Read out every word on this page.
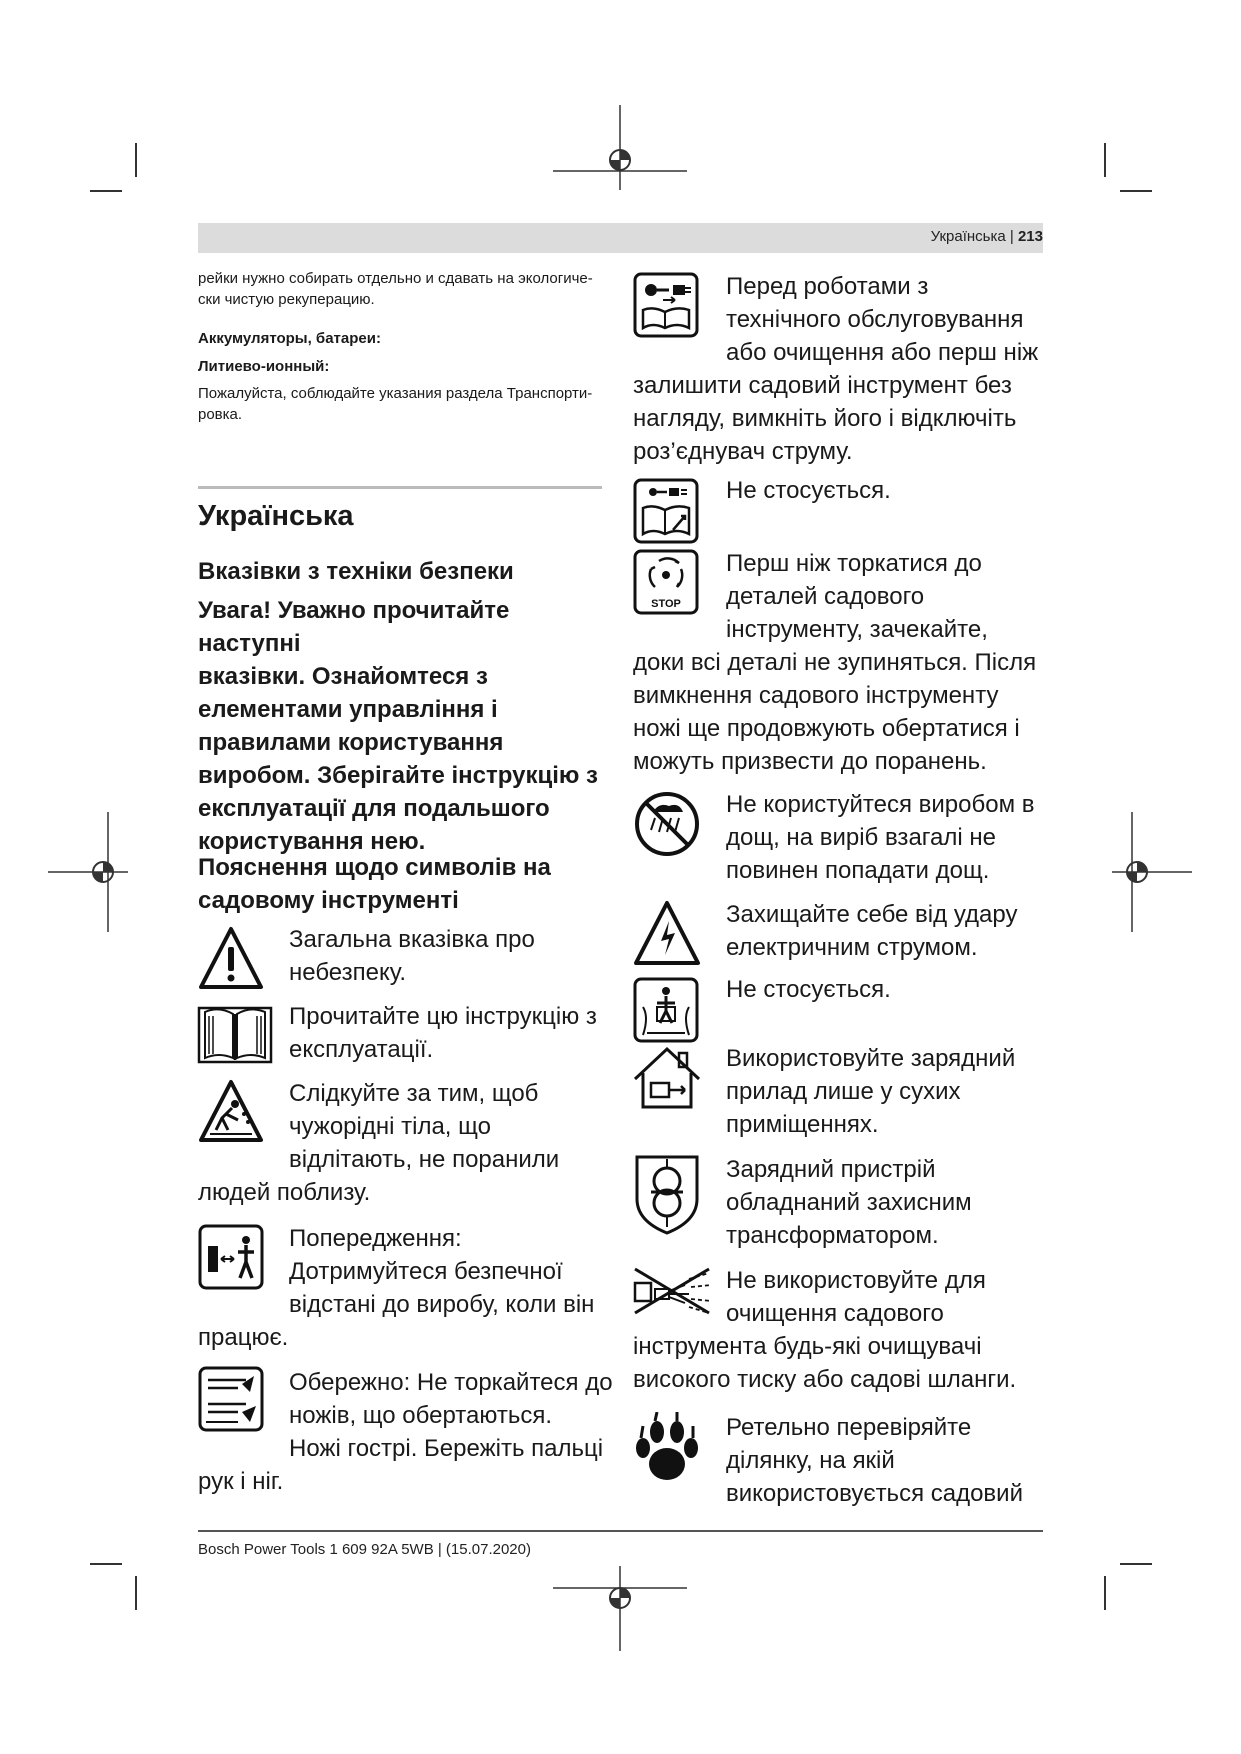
Українська | 213
рейки нужно собирать отдельно и сдавать на экологиче-
ски чистую рекуперацию.
Аккумуляторы, батареи:
Литиево-ионный:
Пожалуйста, соблюдайте указания раздела Транспорти-
ровка.
Українська
Вказівки з техніки безпеки
Увага! Уважно прочитайте наступні
вказівки. Ознайомтеся з
елементами управління і
правилами користування
виробом. Зберігайте інструкцію з
експлуатації для подальшого
користування нею.
Пояснення щодо символів на
садовому інструменті
Загальна вказівка про
небезпеку.
Прочитайте цю інструкцію з
експлуатації.
Слідкуйте за тим, щоб
чужорідні тіла, що
відлітають, не поранили
людей поблизу.
Попередження:
Дотримуйтеся безпечної
відстані до виробу, коли він
працює.
Обережно: Не торкайтеся до
ножів, що обертаються.
Ножі гострі. Бережіть пальці
рук і ніг.
Перед роботами з
технічного обслуговування
або очищення або перш ніж
залишити садовий інструмент без
нагляду, вимкніть його і відключіть
роз’єднувач струму.
Не стосується.
STOP
Перш ніж торкатися до
деталей садового
інструменту, зачекайте,
доки всі деталі не зупиняться. Після
вимкнення садового інструменту
ножі ще продовжують обертатися і
можуть призвести до поранень.
Не користуйтеся виробом в
дощ, на виріб взагалі не
повинен попадати дощ.
Захищайте себе від удару
електричним струмом.
Не стосується.
Використовуйте зарядний
прилад лише у сухих
приміщеннях.
Зарядний пристрій
обладнаний захисним
трансформатором.
Не використовуйте для
очищення садового
інструмента будь-які очищувачі
високого тиску або садові шланги.
Ретельно перевіряйте
ділянку, на якій
використовується садовий
Bosch Power Tools 1 609 92A 5WB | (15.07.2020)
